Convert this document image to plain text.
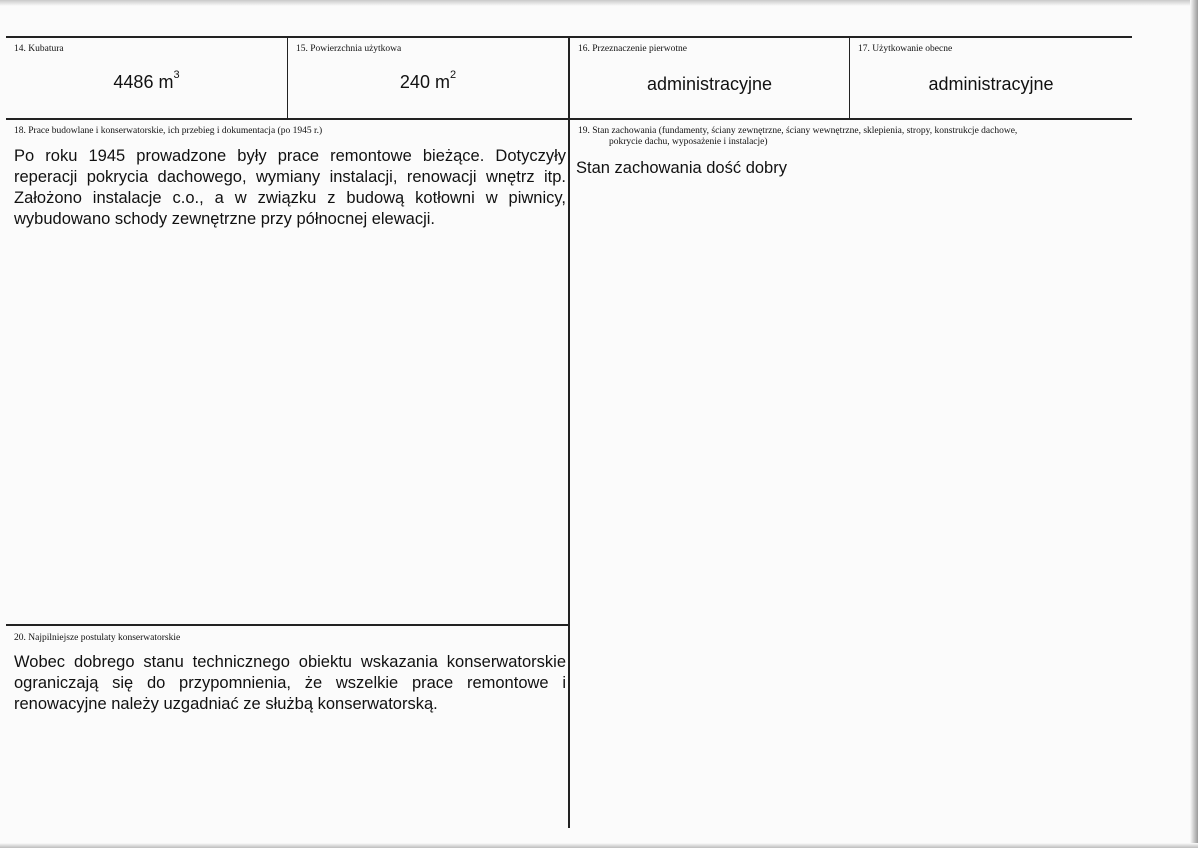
14. Kubatura
4486 $m^3$
15. Powierzchnia użytkowa
240 $m^2$
16. Przeznaczenie pierwotne
administracyjne
17. Użytkowanie obecne
administracyjne
18. Prace budowlane i konserwatorskie, ich przebieg i dokumentacja (po 1945 r.)
Po roku 1945 prowadzone były prace remontowe bieżące. Dotyczyły reperacji pokrycia dachowego, wymiany instalacji, renowacji wnętrz itp. Założono instalacje c.o., a w związku z budową kotłowni w piwnicy, wybudowano schody zewnętrzne przy północnej elewacji.
19. Stan zachowania (fundamenty, ściany zewnętrzne, ściany wewnętrzne, sklepienia, stropy, konstrukcje dachowe,
pokrycie dachu, wyposażenie i instalacje)
Stan zachowania dość dobry
20. Najpilniejsze postulaty konserwatorskie
Wobec dobrego stanu technicznego obiektu wskazania konserwatorskie ograniczają się do przypomnienia, że wszelkie prace remontowe i renowacyjne należy uzgadniać ze służbą konserwatorską.
